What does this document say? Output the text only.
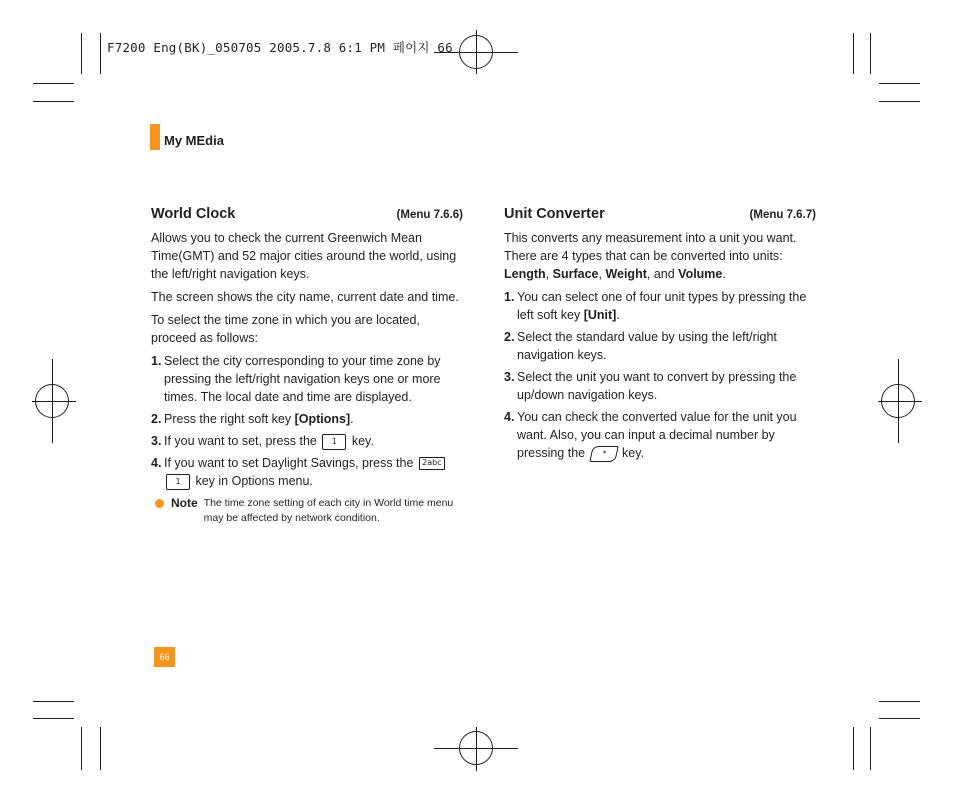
F7200 Eng(BK)_050705 2005.7.8 6:1 PM 페이지 66
My MEdia
World Clock	(Menu 7.6.6)

Allows you to check the current Greenwich Mean Time(GMT) and 52 major cities around the world, using the left/right navigation keys.

The screen shows the city name, current date and time.

To select the time zone in which you are located, proceed as follows:

1. Select the city corresponding to your time zone by pressing the left/right navigation keys one or more times. The local date and time are displayed.
2. Press the right soft key [Options].
3. If you want to set, press the 1 key.
4. If you want to set Daylight Savings, press the 2abc
1 key in Options menu.
Note The time zone setting of each city in World time menu may be affected by network condition.
Unit Converter	(Menu 7.6.7)

This converts any measurement into a unit you want. There are 4 types that can be converted into units: Length, Surface, Weight, and Volume.

1. You can select one of four unit types by pressing the left soft key [Unit].
2. Select the standard value by using the left/right navigation keys.
3. Select the unit you want to convert by pressing the up/down navigation keys.
4. You can check the converted value for the unit you want. Also, you can input a decimal number by pressing the * key.
66
